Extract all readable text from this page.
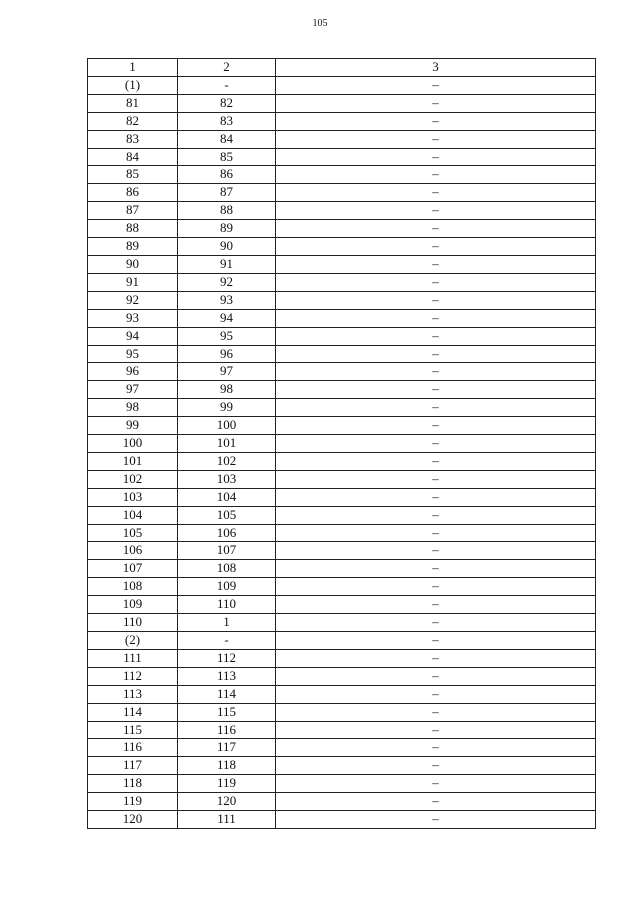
105
1	2	3
(1)	-	–
81	82	–
82	83	–
83	84	–
84	85	–
85	86	–
86	87	–
87	88	–
88	89	–
89	90	–
90	91	–
91	92	–
92	93	–
93	94	–
94	95	–
95	96	–
96	97	–
97	98	–
98	99	–
99	100	–
100	101	–
101	102	–
102	103	–
103	104	–
104	105	–
105	106	–
106	107	–
107	108	–
108	109	–
109	110	–
110	1	–
(2)	-	–
111	112	–
112	113	–
113	114	–
114	115	–
115	116	–
116	117	–
117	118	–
118	119	–
119	120	–
120	111	–
